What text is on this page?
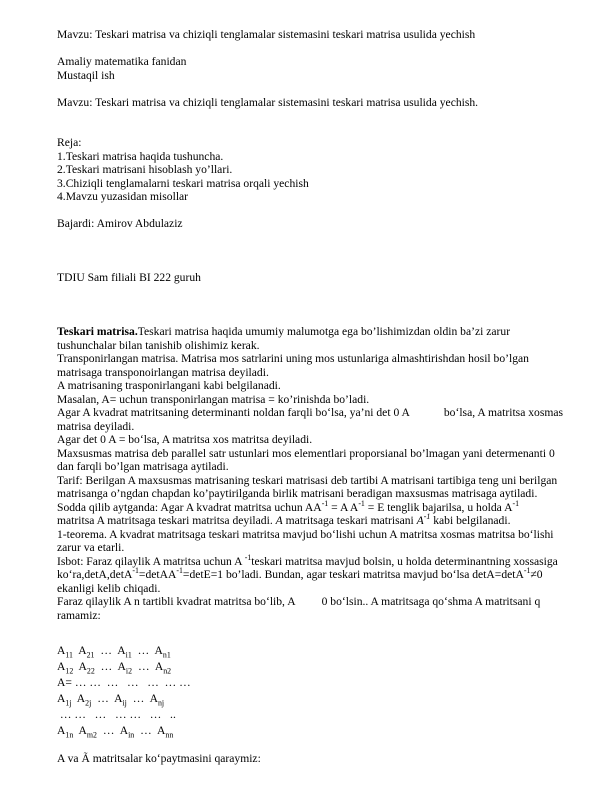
Mavzu: Teskari matrisa va chiziqli tenglamalar sistemasini teskari matrisa usulida yechish

Amaliy matematika fanidan
Mustaqil ish

Mavzu: Teskari matrisa va chiziqli tenglamalar sistemasini teskari matrisa usulida yechish.

Reja:
1.Teskari matrisa haqida tushuncha.
2.Teskari matrisani hisoblash yo’llari.
3.Chiziqli tenglamalarni teskari matrisa orqali yechish
4.Mavzu yuzasidan misollar

Bajardi: Amirov Abdulaziz

TDIU Sam filiali BI 222 guruh

Teskari matrisa.Teskari matrisa haqida umumiy malumotga ega bo’lishimizdan oldin ba’zi zarur
tushunchalar bilan tanishib olishimiz kerak.
Transponirlangan matrisa. Matrisa mos satrlarini uning mos ustunlariga almashtirishdan hosil bo’lgan
matrisaga transponoirlangan matrisa deyiladi.
A matrisaning trasponirlangani kabi belgilanadi.
Masalan, A= uchun transponirlangan matrisa = ko’rinishda bo’ladi.
Agar A kvadrat matritsaning determinanti noldan farqli bo‘lsa, ya’ni det 0 A	bo‘lsa, A matritsa xosmas
matrisa deyiladi.
Agar det 0 A = bo‘lsa, A matritsa xos matritsa deyiladi.
Maxsusmas matrisa deb parallel satr ustunlari mos elementlari proporsianal bo’lmagan yani determenanti 0
dan farqli bo’lgan matrisaga aytiladi.
Tarif: Berilgan A maxsusmas matrisaning teskari matrisasi deb tartibi A matrisani tartibiga teng uni berilgan
matrisanga o’ngdan chapdan ko’paytirilganda birlik matrisani beradigan maxsusmas matrisaga aytiladi.
Sodda qilib aytganda: Agar A kvadrat matritsa uchun $AA^{-1} = A$ $A^{-1} = E$ tenglik bajarilsa, u holda $A^{-1}$
matritsa A matritsaga teskari matritsa deyiladi. A matritsaga teskari matrisani $A^{-1}$ kabi belgilanadi.
1-teorema. A kvadrat matritsaga teskari matritsa mavjud bo‘lishi uchun A matritsa xosmas matritsa bo‘lishi
zarur va etarli.
Isbot: Faraz qilaylik A matritsa uchun A $^{-1}$teskari matritsa mavjud bolsin, u holda determinantning xossasiga
ko‘ra,detA,detA$^{-1}$=detAA$^{-1}$=detE=1 bo’ladi. Bundan, agar teskari matritsa mavjud bo‘lsa detA=detA$^{-1}$≠0
ekanligi kelib chiqadi.
Faraz qilaylik A n tartibli kvadrat matritsa bo‘lib, A 0 bo‘lsin.. A matritsaga qo‘shma A matritsani q
ramamiz:

$A_{11}$ $A_{21}$ … $A_{i1}$ … $A_{n1}$
$A_{12}$ $A_{22}$ … $A_{i2}$ … $A_{n2}$
A= … …  …   …   …  … …
$A_{1j}$ $A_{2j}$ … $A_{ij}$ … $A_{nj}$
… …   …   … …   …   ..
$A_{1n}$ $A_{m2}$ … $A_{in}$ … $A_{nn}$

A va Ã matritsalar ko‘paytmasini qaraymiz:
